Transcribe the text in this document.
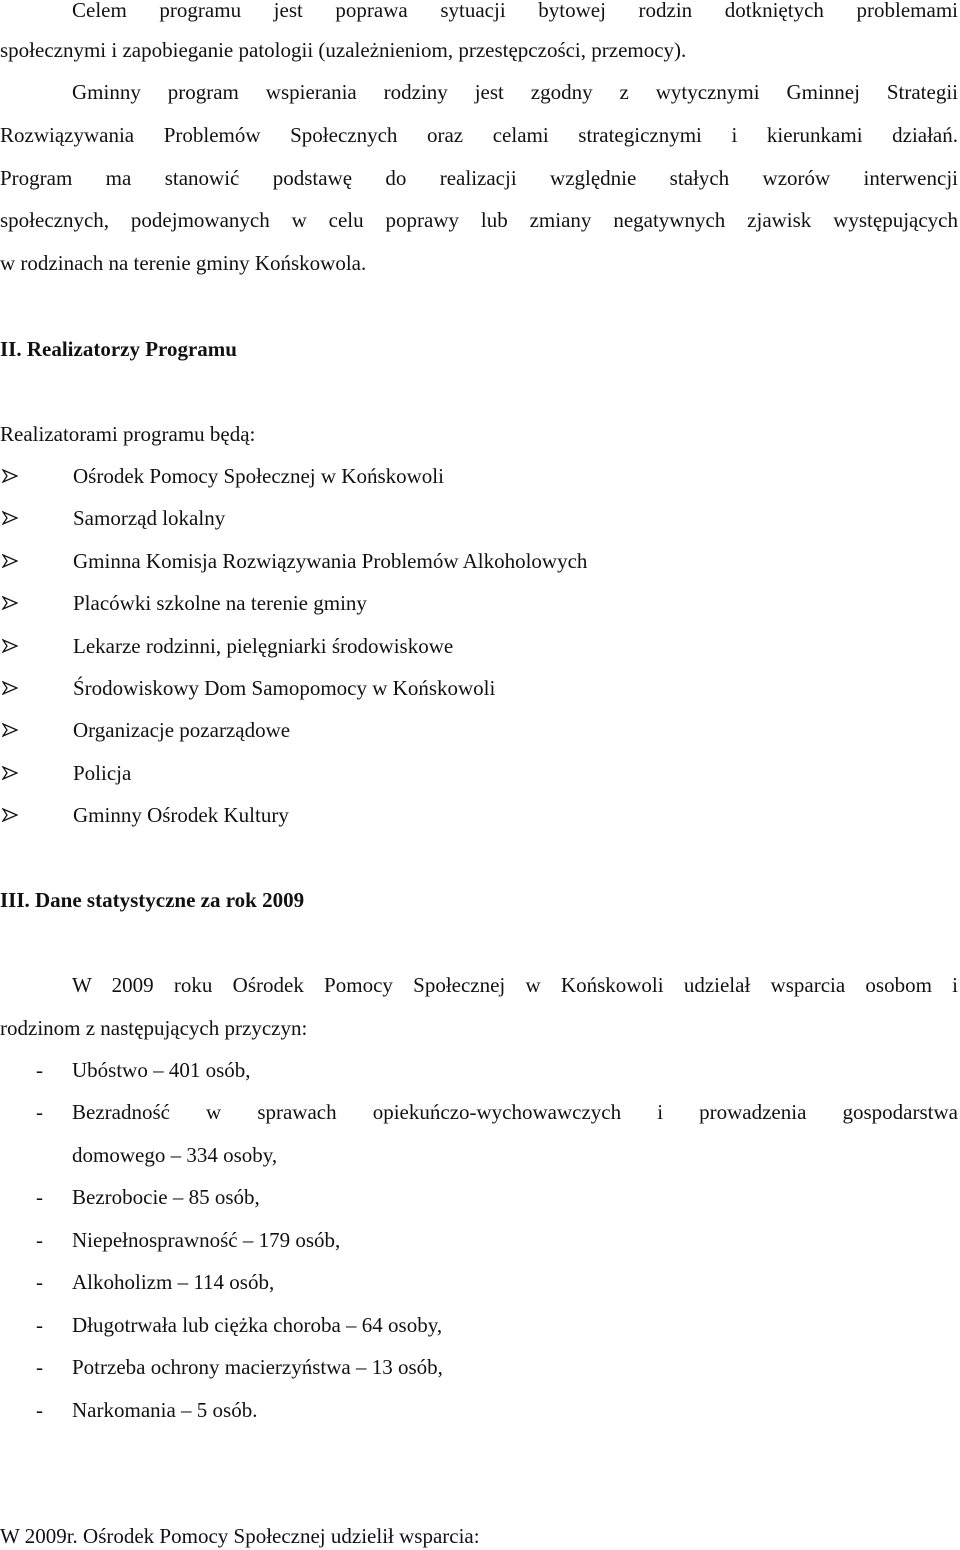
Celem programu jest poprawa sytuacji bytowej rodzin dotkniętych problemami
społecznymi i zapobieganie patologii (uzależnieniom, przestępczości, przemocy).
Gminny program wspierania rodziny jest zgodny z wytycznymi Gminnej Strategii
Rozwiązywania Problemów Społecznych oraz celami strategicznymi i kierunkami działań.
Program ma stanowić podstawę do realizacji względnie stałych wzorów interwencji
społecznych, podejmowanych w celu poprawy lub zmiany negatywnych zjawisk występujących
w rodzinach na terenie gminy Końskowola.
II. Realizatorzy Programu
Realizatorami programu będą:
Ośrodek Pomocy Społecznej w Końskowoli
Samorząd lokalny
Gminna Komisja Rozwiązywania Problemów Alkoholowych
Placówki szkolne na terenie gminy
Lekarze rodzinni, pielęgniarki środowiskowe
Środowiskowy Dom Samopomocy w Końskowoli
Organizacje pozarządowe
Policja
Gminny Ośrodek Kultury
III. Dane statystyczne za rok 2009
W 2009 roku Ośrodek Pomocy Społecznej w Końskowoli udzielał wsparcia osobom i
rodzinom z następujących przyczyn:
- Ubóstwo – 401 osób,
- Bezradność w sprawach opiekuńczo-wychowawczych i prowadzenia gospodarstwa
domowego – 334 osoby,
- Bezrobocie – 85 osób,
- Niepełnosprawność – 179 osób,
- Alkoholizm – 114 osób,
- Długotrwała lub ciężka choroba – 64 osoby,
- Potrzeba ochrony macierzyństwa – 13 osób,
- Narkomania – 5 osób.
W 2009r. Ośrodek Pomocy Społecznej udzielił wsparcia:
